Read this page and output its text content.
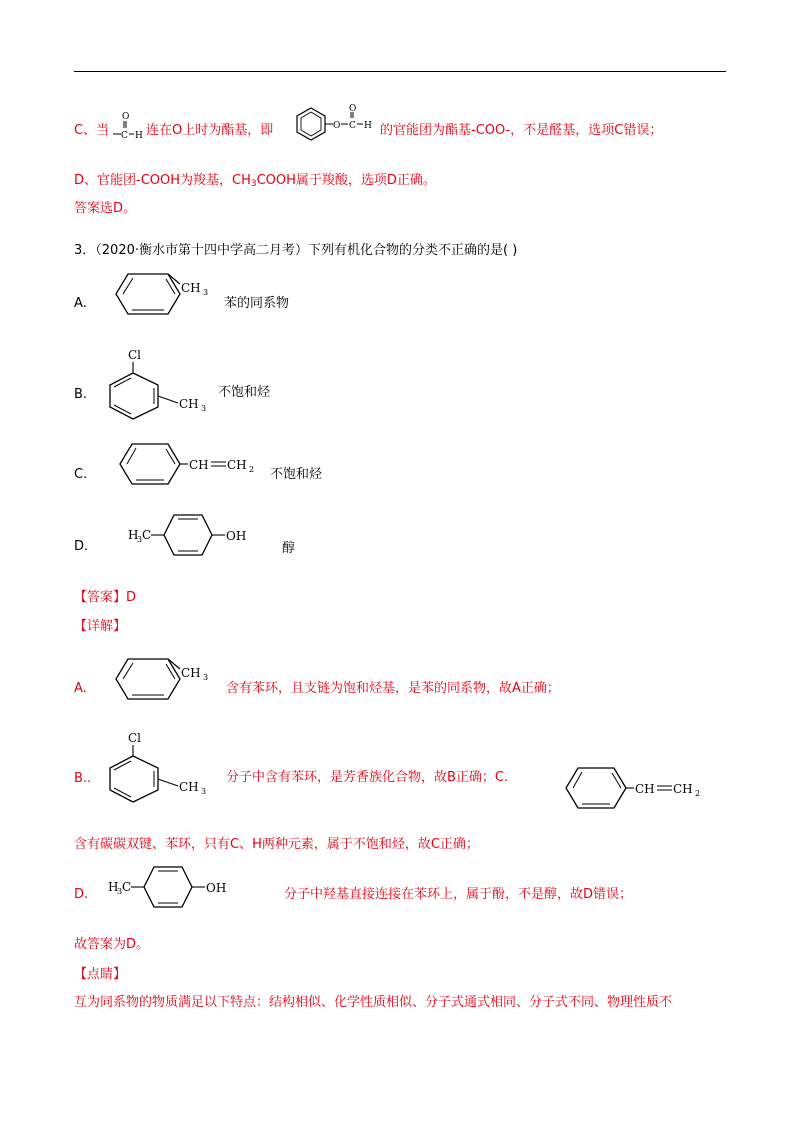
C、当
O
C H 连在O上时为酯基，即	O C
O
H 的官能团为酯基-COO-，不是醛基，选项C错误；
D、官能团-COOH为羧基，$CH_3COOH$属于羧酸，选项D正确。
答案选D。
3．（2020·衡水市第十四中学高二月考）下列有机化合物的分类不正确的是( )
A.
CH 3
苯的同系物
B.
Cl
CH 3
不饱和烃
C.
CH CH 2 不饱和烃
D.
H
3 C	OH
醇
【答案】D
【详解】
A.
CH 3
含有苯环，且支链为饱和烃基，是苯的同系物，故A正确；
B..
Cl
CH 3
分子中含有苯环，是芳香族化合物，故B正确；C.
CH CH 2
含有碳碳双键、苯环，只有C、H两种元素，属于不饱和烃，故C正确；
D. H
3 C	OH	分子中羟基直接连接在苯环上，属于酚，不是醇，故D错误；
故答案为D。
【点睛】
互为同系物的物质满足以下特点：结构相似、化学性质相似、分子式通式相同、分子式不同、物理性质不
